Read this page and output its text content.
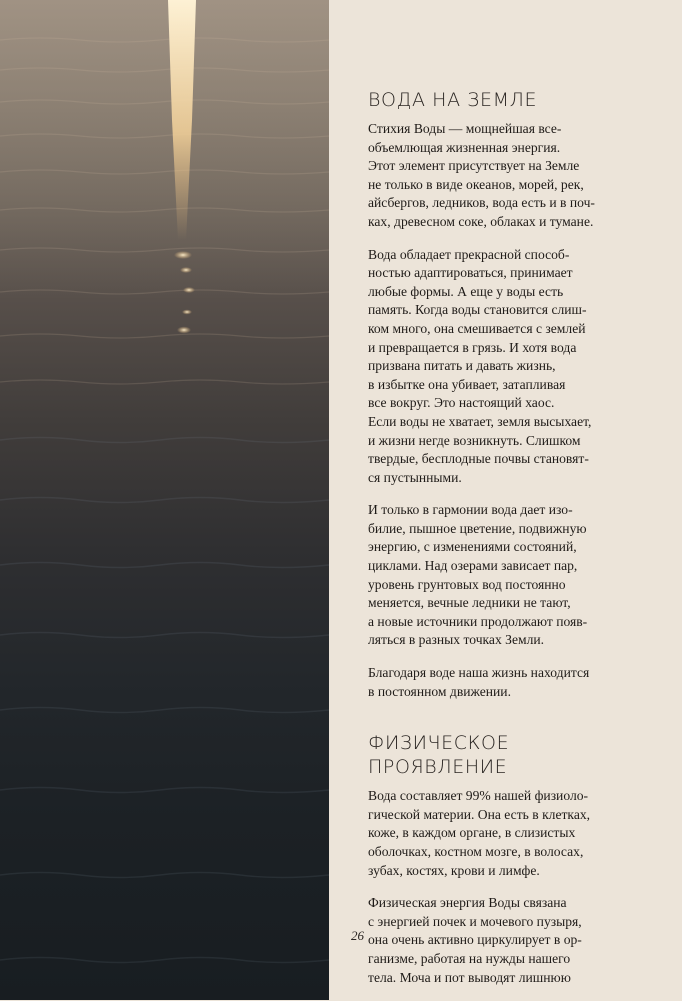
ВОДА НА ЗЕМЛЕ

Стихия Воды — мощнейшая все-
объемлющая жизненная энергия.
Этот элемент присутствует на Земле
не только в виде океанов, морей, рек,
айсбергов, ледников, вода есть и в поч-
ках, древесном соке, облаках и тумане.

Вода обладает прекрасной способ-
ностью адаптироваться, принимает
любые формы. А еще у воды есть
память. Когда воды становится слиш-
ком много, она смешивается с землей
и превращается в грязь. И хотя вода
призвана питать и давать жизнь,
в избытке она убивает, затапливая
все вокруг. Это настоящий хаос.
Если воды не хватает, земля высыхает,
и жизни негде возникнуть. Слишком
твердые, бесплодные почвы становят-
ся пустынными.

И только в гармонии вода дает изо-
билие, пышное цветение, подвижную
энергию, с изменениями состояний,
циклами. Над озерами зависает пар,
уровень грунтовых вод постоянно
меняется, вечные ледники не тают,
а новые источники продолжают появ-
ляться в разных точках Земли.

Благодаря воде наша жизнь находится
в постоянном движении.

ФИЗИЧЕСКОЕ
ПРОЯВЛЕНИЕ

Вода составляет 99% нашей физиоло-
гической материи. Она есть в клетках,
коже, в каждом органе, в слизистых
оболочках, костном мозге, в волосах,
зубах, костях, крови и лимфе.

Физическая энергия Воды связана
с энергией почек и мочевого пузыря,
она очень активно циркулирует в ор-
ганизме, работая на нужды нашего
тела. Моча и пот выводят лишнюю

26
